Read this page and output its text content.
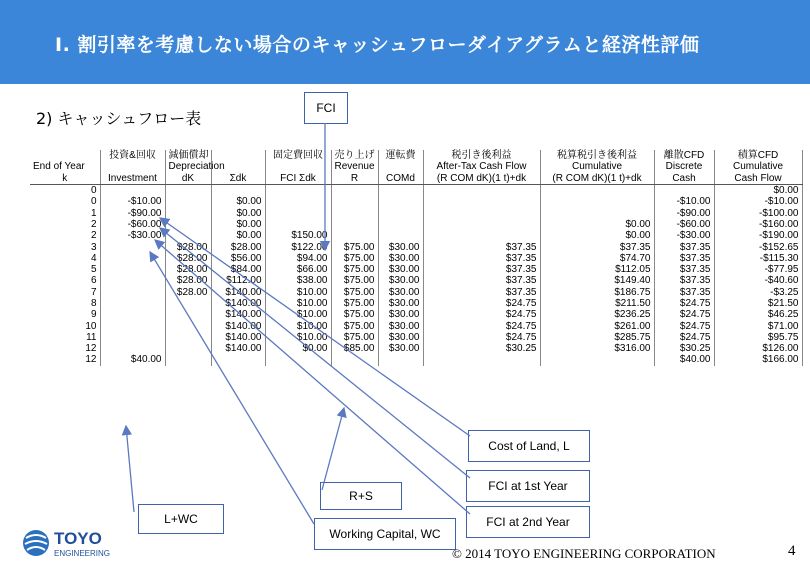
I. 割引率を考慮しない場合のキャッシュフローダイアグラムと経済性評価
2) キャッシュフロー表
FCI
	投資&回収	減価償却		固定費回収	売り上げ	運転費	税引き後利益	税算税引き後利益	離散CFD	積算CFD
End of Year		Depreciation			Revenue		After-Tax Cash Flow	Cumulative	Discrete	Cumulative
k	Investment	dK	Σdk	FCI Σdk	R	COMd	(R COM dK)(1 t)+dk	(R COM dK)(1 t)+dk	Cash	Cash Flow
0										$0.00
0	-$10.00		$0.00						-$10.00	-$10.00
1	-$90.00		$0.00						-$90.00	-$100.00
2	-$60.00		$0.00					$0.00	-$60.00	-$160.00
2	-$30.00		$0.00	$150.00				$0.00	-$30.00	-$190.00
3		$28.00	$28.00	$122.00	$75.00	$30.00	$37.35	$37.35	$37.35	-$152.65
4		$28.00	$56.00	$94.00	$75.00	$30.00	$37.35	$74.70	$37.35	-$115.30
5		$28.00	$84.00	$66.00	$75.00	$30.00	$37.35	$112.05	$37.35	-$77.95
6		$28.00	$112.00	$38.00	$75.00	$30.00	$37.35	$149.40	$37.35	-$40.60
7		$28.00	$140.00	$10.00	$75.00	$30.00	$37.35	$186.75	$37.35	-$3.25
8			$140.00	$10.00	$75.00	$30.00	$24.75	$211.50	$24.75	$21.50
9			$140.00	$10.00	$75.00	$30.00	$24.75	$236.25	$24.75	$46.25
10			$140.00	$10.00	$75.00	$30.00	$24.75	$261.00	$24.75	$71.00
11			$140.00	$10.00	$75.00	$30.00	$24.75	$285.75	$24.75	$95.75
12			$140.00	$0.00	$85.00	$30.00	$30.25	$316.00	$30.25	$126.00
12	$40.00								$40.00	$166.00
Cost of Land, L
FCI at 1st Year
FCI at 2nd Year
R+S
L+WC
Working Capital, WC
TOYO
ENGINEERING	© 2014 TOYO ENGINEERING CORPORATION	4
